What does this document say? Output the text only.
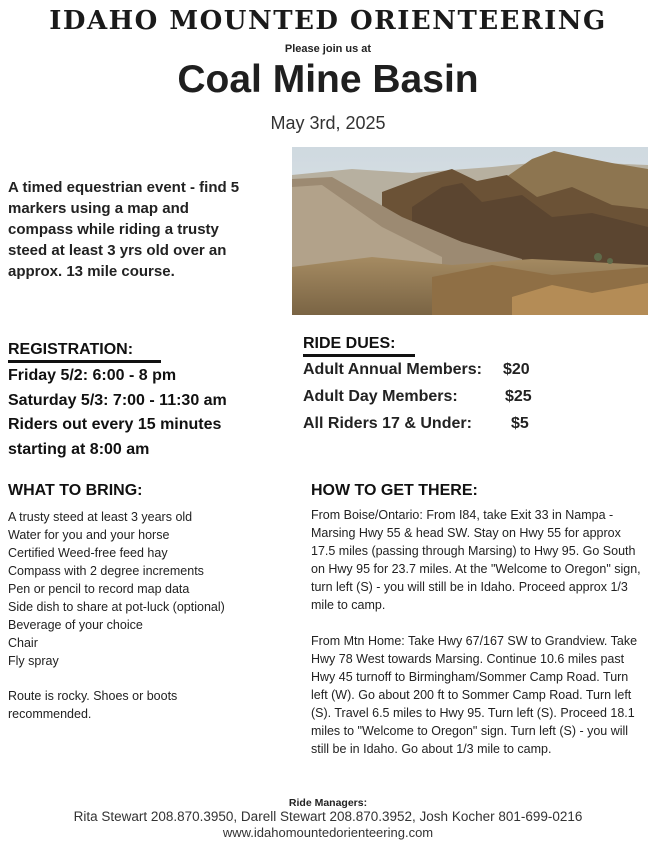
IDAHO MOUNTED ORIENTEERING
Please join us at
Coal Mine Basin
May 3rd, 2025
A timed equestrian event - find 5 markers using a map and compass while riding a trusty steed at least 3 yrs old over an approx. 13 mile course.
REGISTRATION:
Friday 5/2: 6:00 - 8 pm
Saturday 5/3: 7:00 - 11:30 am
Riders out every 15 minutes
starting at 8:00 am
RIDE DUES:
Adult Annual Members: $20
Adult Day Members:	$25
All Riders 17 & Under: $5
WHAT TO BRING:
A trusty steed at least 3 years old
Water for you and your horse
Certified Weed-free feed hay
Compass with 2 degree increments
Pen or pencil to record map data
Side dish to share at pot-luck (optional)
Beverage of your choice
Chair
Fly spray
Route is rocky. Shoes or boots recommended.
HOW TO GET THERE:
From Boise/Ontario: From I84, take Exit 33 in Nampa - Marsing Hwy 55 & head SW. Stay on Hwy 55 for approx 17.5 miles (passing through Marsing) to Hwy 95. Go South on Hwy 95 for 23.7 miles. At the "Welcome to Oregon" sign, turn left (S) - you will still be in Idaho. Proceed approx 1/3 mile to camp.
From Mtn Home: Take Hwy 67/167 SW to Grandview. Take Hwy 78 West towards Marsing. Continue 10.6 miles past Hwy 45 turnoff to Birmingham/Sommer Camp Road. Turn left (W). Go about 200 ft to Sommer Camp Road. Turn left (S). Travel 6.5 miles to Hwy 95. Turn left (S). Proceed 18.1 miles to "Welcome to Oregon" sign. Turn left (S) - you will still be in Idaho. Go about 1/3 mile to camp.
Ride Managers:
Rita Stewart 208.870.3950, Darell Stewart 208.870.3952, Josh Kocher 801-699-0216
www.idahomountedorienteering.com
